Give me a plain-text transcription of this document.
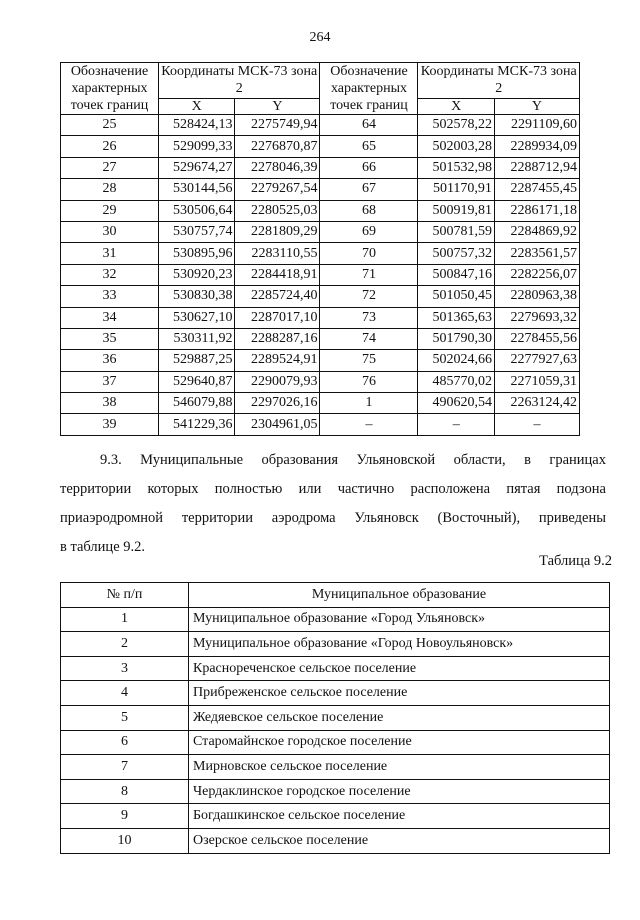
264
Обозначение характерных точек границ	Координаты МСК-73 зона 2		Обозначение характерных точек границ	Координаты МСК-73 зона 2	
	X	Y		X	Y
25	528424,13	2275749,94	64	502578,22	2291109,60
26	529099,33	2276870,87	65	502003,28	2289934,09
27	529674,27	2278046,39	66	501532,98	2288712,94
28	530144,56	2279267,54	67	501170,91	2287455,45
29	530506,64	2280525,03	68	500919,81	2286171,18
30	530757,74	2281809,29	69	500781,59	2284869,92
31	530895,96	2283110,55	70	500757,32	2283561,57
32	530920,23	2284418,91	71	500847,16	2282256,07
33	530830,38	2285724,40	72	501050,45	2280963,38
34	530627,10	2287017,10	73	501365,63	2279693,32
35	530311,92	2288287,16	74	501790,30	2278455,56
36	529887,25	2289524,91	75	502024,66	2277927,63
37	529640,87	2290079,93	76	485770,02	2271059,31
38	546079,88	2297026,16	1	490620,54	2263124,42
39	541229,36	2304961,05	–	–	–
9.3. Муниципальные образования Ульяновской области, в границах
территории которых полностью или частично расположена пятая подзона
приаэродромной территории аэродрома Ульяновск (Восточный), приведены
в таблице 9.2.
Таблица 9.2
№ п/п	Муниципальное образование
1	Муниципальное образование «Город Ульяновск»
2	Муниципальное образование «Город Новоульяновск»
3	Краснореченское сельское поселение
4	Прибреженское сельское поселение
5	Жедяевское сельское поселение
6	Старомайнское городское поселение
7	Мирновское сельское поселение
8	Чердаклинское городское поселение
9	Богдашкинское сельское поселение
10	Озерское сельское поселение
